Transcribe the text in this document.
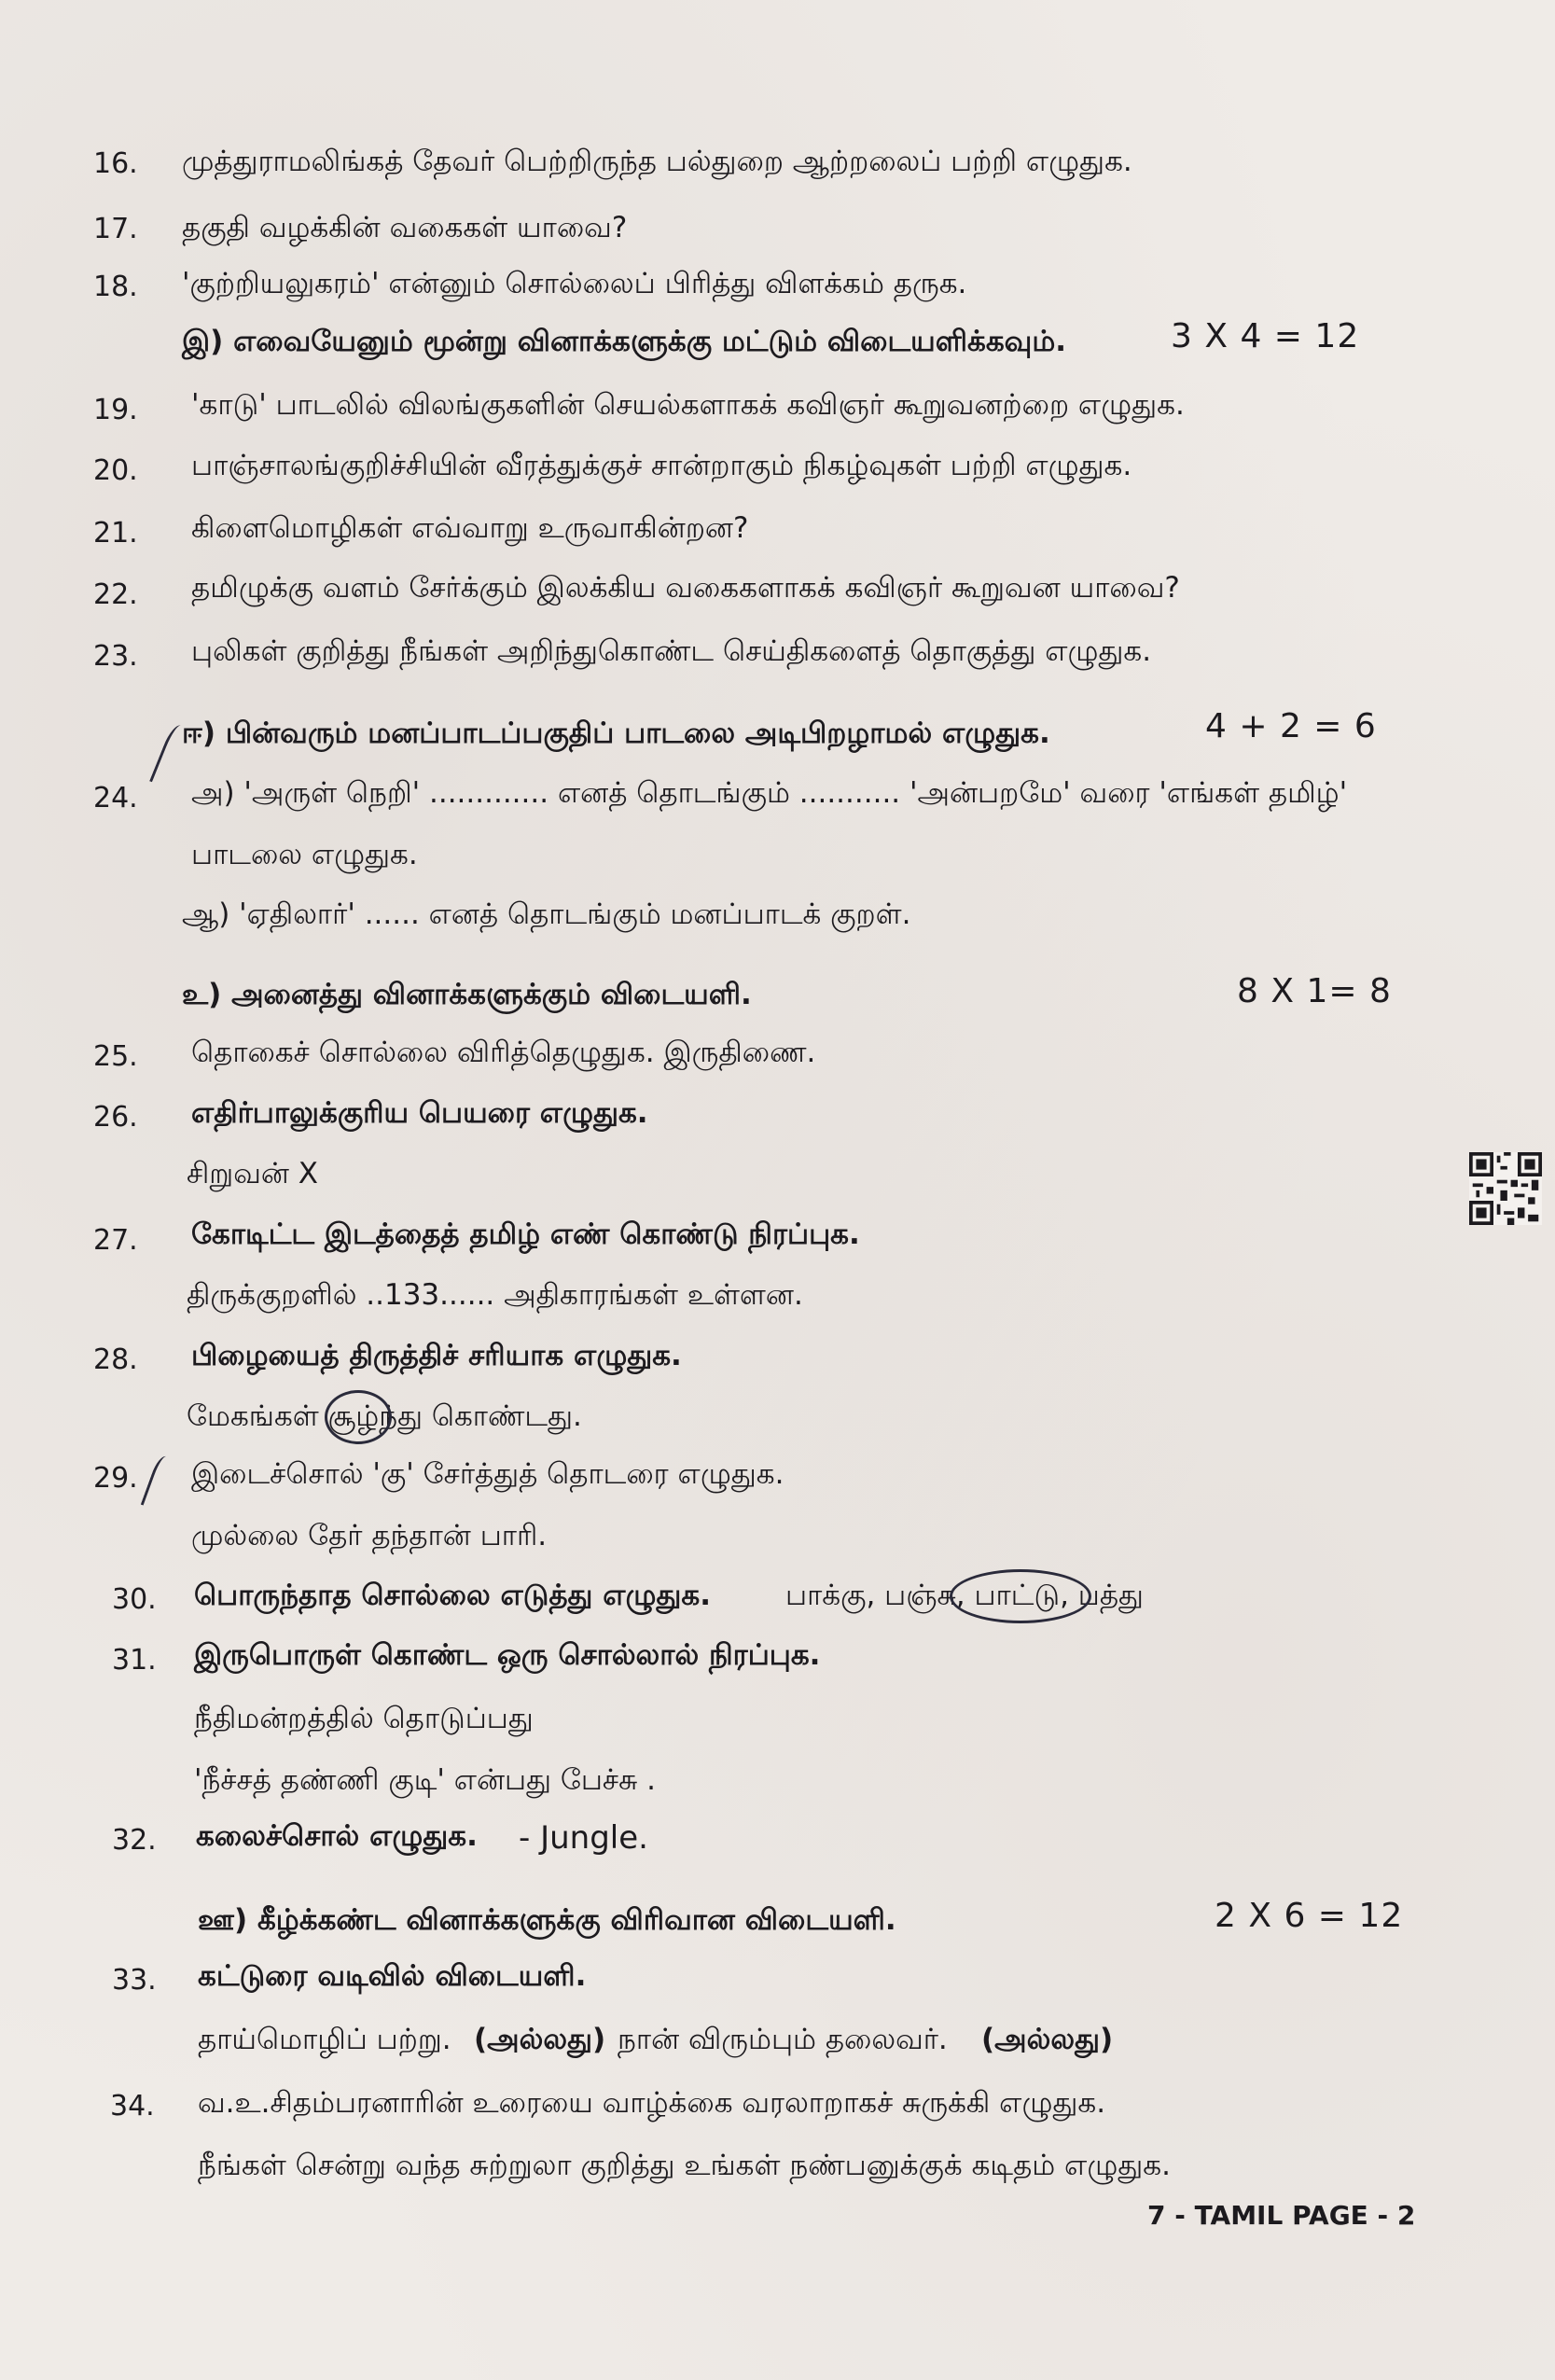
16. முத்துராமலிங்கத் தேவர் பெற்றிருந்த பல்துறை ஆற்றலைப் பற்றி எழுதுக.
17. தகுதி வழக்கின் வகைகள் யாவை?
18. 'குற்றியலுகரம்' என்னும் சொல்லைப் பிரித்து விளக்கம் தருக.
இ) எவையேனும் மூன்று வினாக்களுக்கு மட்டும் விடையளிக்கவும்.	3 X 4 = 12
19. 'காடு' பாடலில் விலங்குகளின் செயல்களாகக் கவிஞர் கூறுவனற்றை எழுதுக.
20. பாஞ்சாலங்குறிச்சியின் வீரத்துக்குச் சான்றாகும் நிகழ்வுகள் பற்றி எழுதுக.
21. கிளைமொழிகள் எவ்வாறு உருவாகின்றன?
22. தமிழுக்கு வளம் சேர்க்கும் இலக்கிய வகைகளாகக் கவிஞர் கூறுவன யாவை?
23. புலிகள் குறித்து நீங்கள் அறிந்துகொண்ட செய்திகளைத் தொகுத்து எழுதுக.
ஈ) பின்வரும் மனப்பாடப்பகுதிப் பாடலை அடிபிறழாமல் எழுதுக.	4 + 2 = 6
24. அ) 'அருள் நெறி' ............. எனத் தொடங்கும் ........... 'அன்பறமே' வரை 'எங்கள் தமிழ்'
பாடலை எழுதுக.
ஆ) 'ஏதிலார்' ...... எனத் தொடங்கும் மனப்பாடக் குறள்.
உ) அனைத்து வினாக்களுக்கும் விடையளி.	8 X 1= 8
25. தொகைச் சொல்லை விரித்தெழுதுக. இருதிணை.
26. எதிர்பாலுக்குரிய பெயரை எழுதுக.
சிறுவன் X
27. கோடிட்ட இடத்தைத் தமிழ் எண் கொண்டு நிரப்புக.
திருக்குறளில் ..133...... அதிகாரங்கள் உள்ளன.
28. பிழையைத் திருத்திச் சரியாக எழுதுக.
மேகங்கள் சூழ்ந்து கொண்டது.
29. இடைச்சொல் 'கு' சேர்த்துத் தொடரை எழுதுக.
முல்லை தேர் தந்தான் பாரி.
30. பொருந்தாத சொல்லை எடுத்து எழுதுக.	பாக்கு, பஞ்சு, பாட்டு, பத்து
31. இருபொருள் கொண்ட ஒரு சொல்லால் நிரப்புக.
நீதிமன்றத்தில் தொடுப்பது
'நீச்சத் தண்ணி குடி' என்பது பேச்சு .
32. கலைச்சொல் எழுதுக. - Jungle.
ஊ) கீழ்க்கண்ட வினாக்களுக்கு விரிவான விடையளி.	2 X 6 = 12
33. கட்டுரை வடிவில் விடையளி.
தாய்மொழிப் பற்று. (அல்லது) நான் விரும்பும் தலைவர். (அல்லது)
34. வ.உ.சிதம்பரனாரின் உரையை வாழ்க்கை வரலாறாகச் சுருக்கி எழுதுக.
நீங்கள் சென்று வந்த சுற்றுலா குறித்து உங்கள் நண்பனுக்குக் கடிதம் எழுதுக.
7 - TAMIL PAGE - 2
